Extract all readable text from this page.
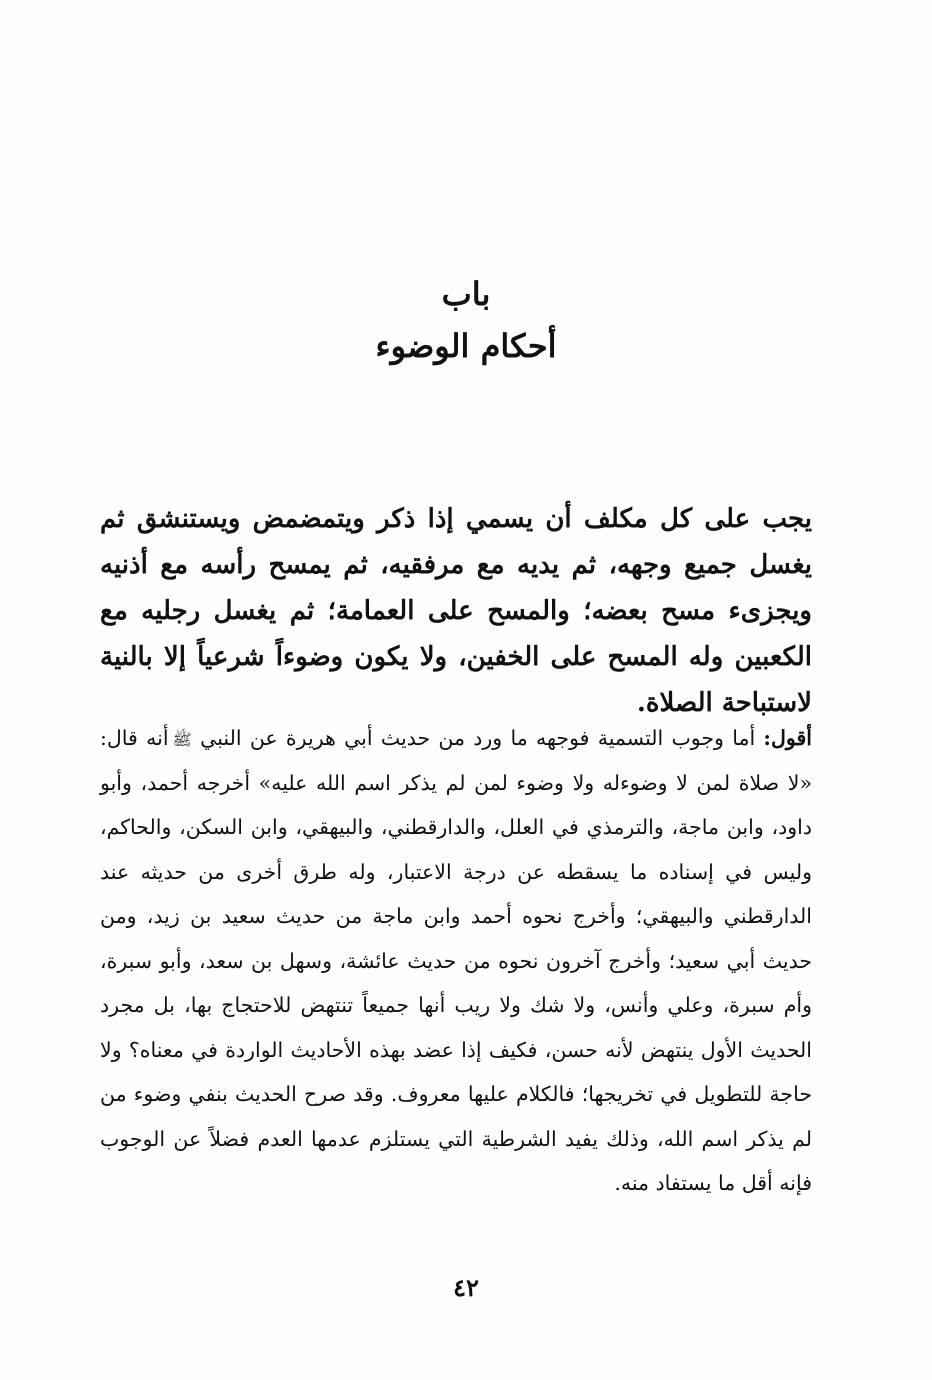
باب

أحكام الوضوء

يجب على كل مكلف أن يسمي إذا ذكر ويتمضمض ويستنشق ثم يغسل جميع وجهه، ثم يديه مع مرفقيه، ثم يمسح رأسه مع أذنيه ويجزىء مسح بعضه؛ والمسح على العمامة؛ ثم يغسل رجليه مع الكعبين وله المسح على الخفين، ولا يكون وضوءاً شرعياً إلا بالنية لاستباحة الصلاة.

أقول: أما وجوب التسمية فوجهه ما ورد من حديث أبي هريرة عن النبي ﷺأنه قال: «لا صلاة لمن لا وضوءله ولا وضوء لمن لم يذكر اسم الله عليه» أخرجه أحمد، وأبو داود، وابن ماجة، والترمذي في العلل، والدارقطني، والبيهقي، وابن السكن، والحاكم، وليس في إسناده ما يسقطه عن درجة الاعتبار، وله طرق أخرى من حديثه عند الدارقطني والبيهقي؛ وأخرج نحوه أحمد وابن ماجة من حديث سعيد بن زيد، ومن حديث أبي سعيد؛ وأخرج آخرون نحوه من حديث عائشة، وسهل بن سعد، وأبو سبرة، وأم سبرة، وعلي وأنس، ولا شك ولا ريب أنها جميعاً تنتهض للاحتجاج بها، بل مجرد الحديث الأول ينتهض لأنه حسن، فكيف إذا عضد بهذه الأحاديث الواردة في معناه؟ ولا حاجة للتطويل في تخريجها؛ فالكلام عليها معروف. وقد صرح الحديث بنفي وضوء من لم يذكر اسم الله، وذلك يفيد الشرطية التي يستلزم عدمها العدم فضلاً عن الوجوب فإنه أقل ما يستفاد منه.

٤٢
